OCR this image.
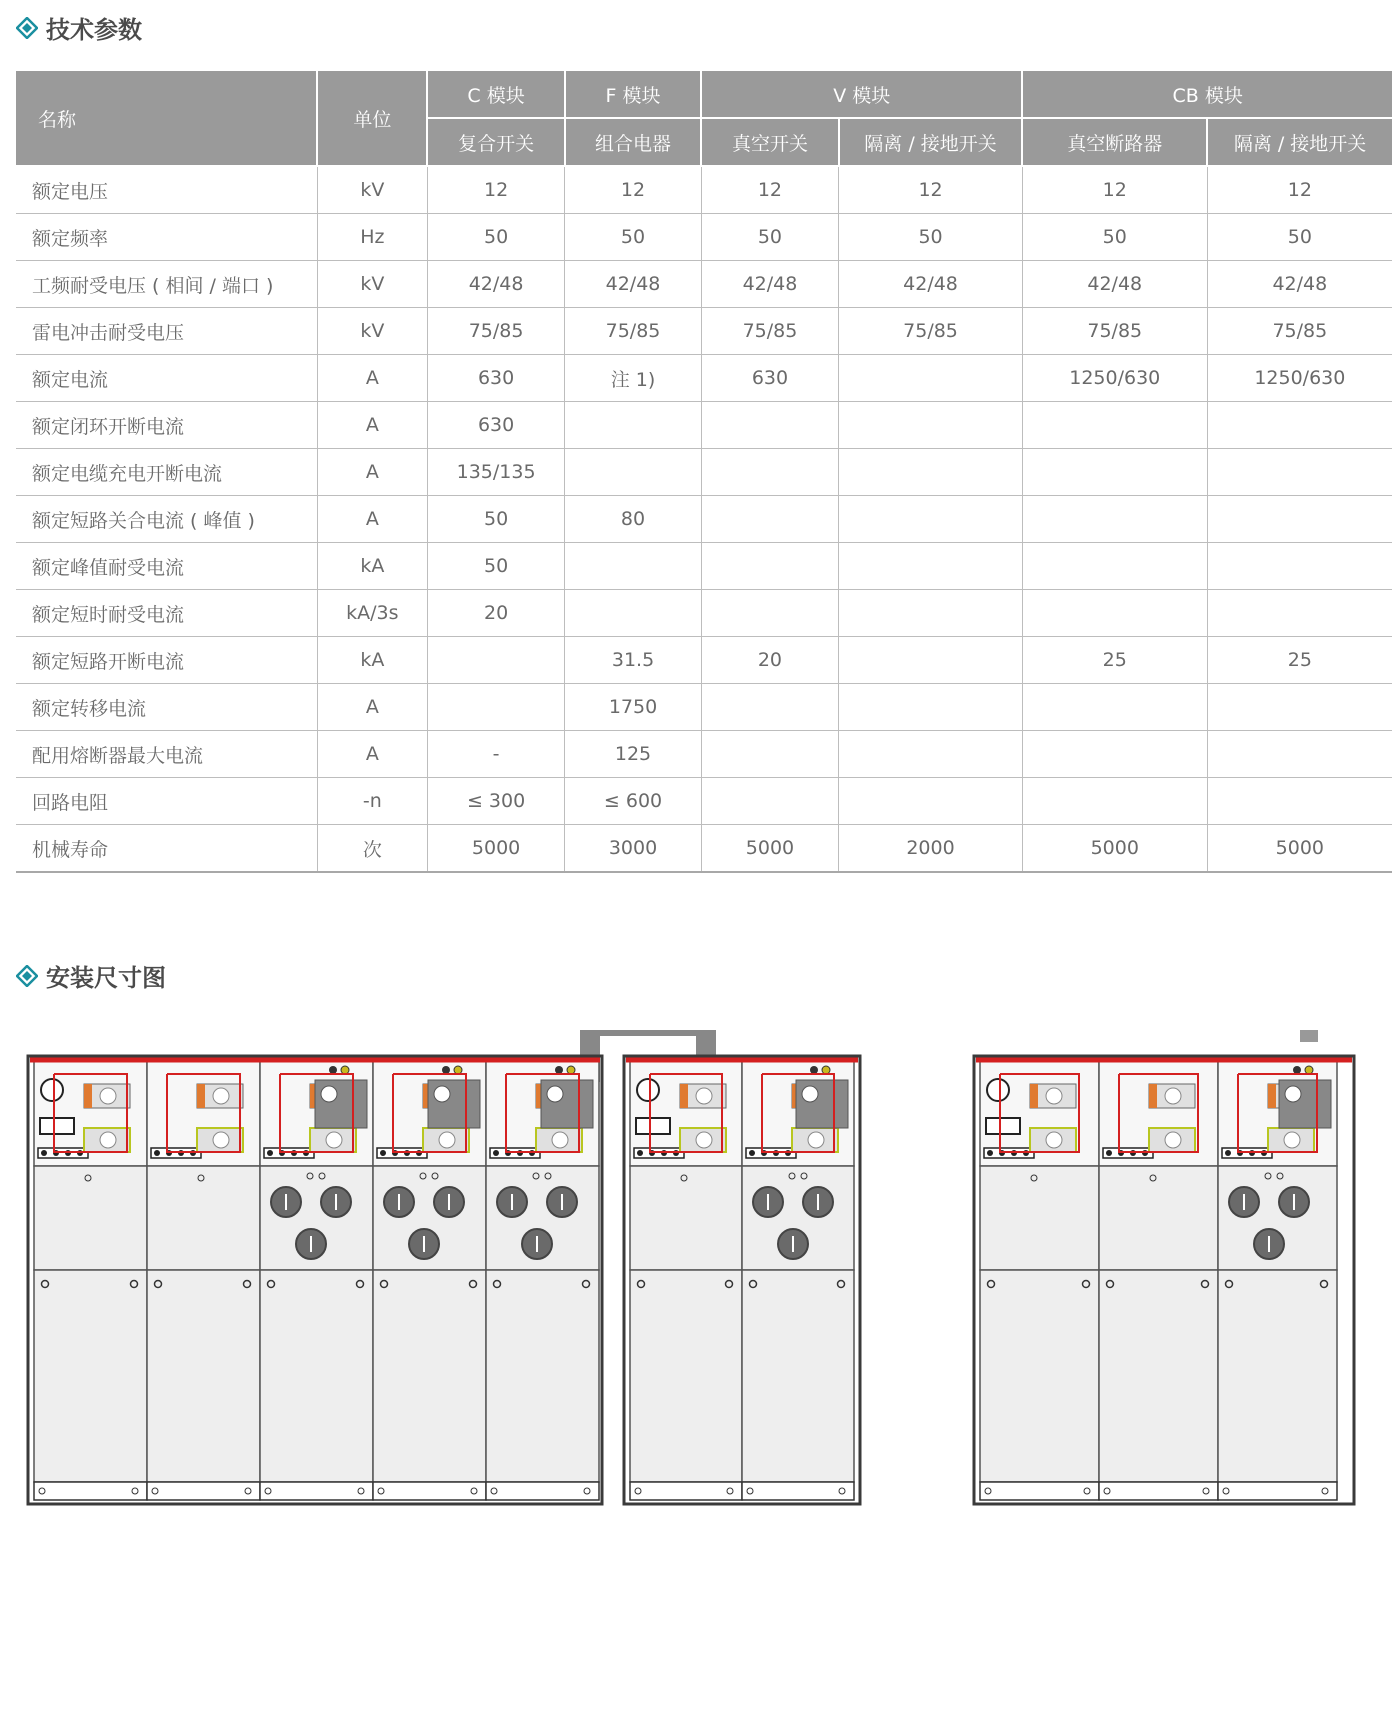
技术参数
名称	单位	C 模块	F 模块	V 模块		CB 模块	
		复合开关	组合电器	真空开关	隔离 / 接地开关	真空断路器	隔离 / 接地开关
额定电压	kV	12	12	12	12	12	12
额定频率	Hz	50	50	50	50	50	50
工频耐受电压 ( 相间 / 端口 )	kV	42/48	42/48	42/48	42/48	42/48	42/48
雷电冲击耐受电压	kV	75/85	75/85	75/85	75/85	75/85	75/85
额定电流	A	630	注 1)	630		1250/630	1250/630
额定闭环开断电流	A	630					
额定电缆充电开断电流	A	135/135					
额定短路关合电流 ( 峰值 )	A	50	80				
额定峰值耐受电流	kA	50					
额定短时耐受电流	kA/3s	20					
额定短路开断电流	kA		31.5	20		25	25
额定转移电流	A		1750				
配用熔断器最大电流	A	-	125				
回路电阻	-n	≤ 300	≤ 600				
机械寿命	次	5000	3000	5000	2000	5000	5000
安装尺寸图
